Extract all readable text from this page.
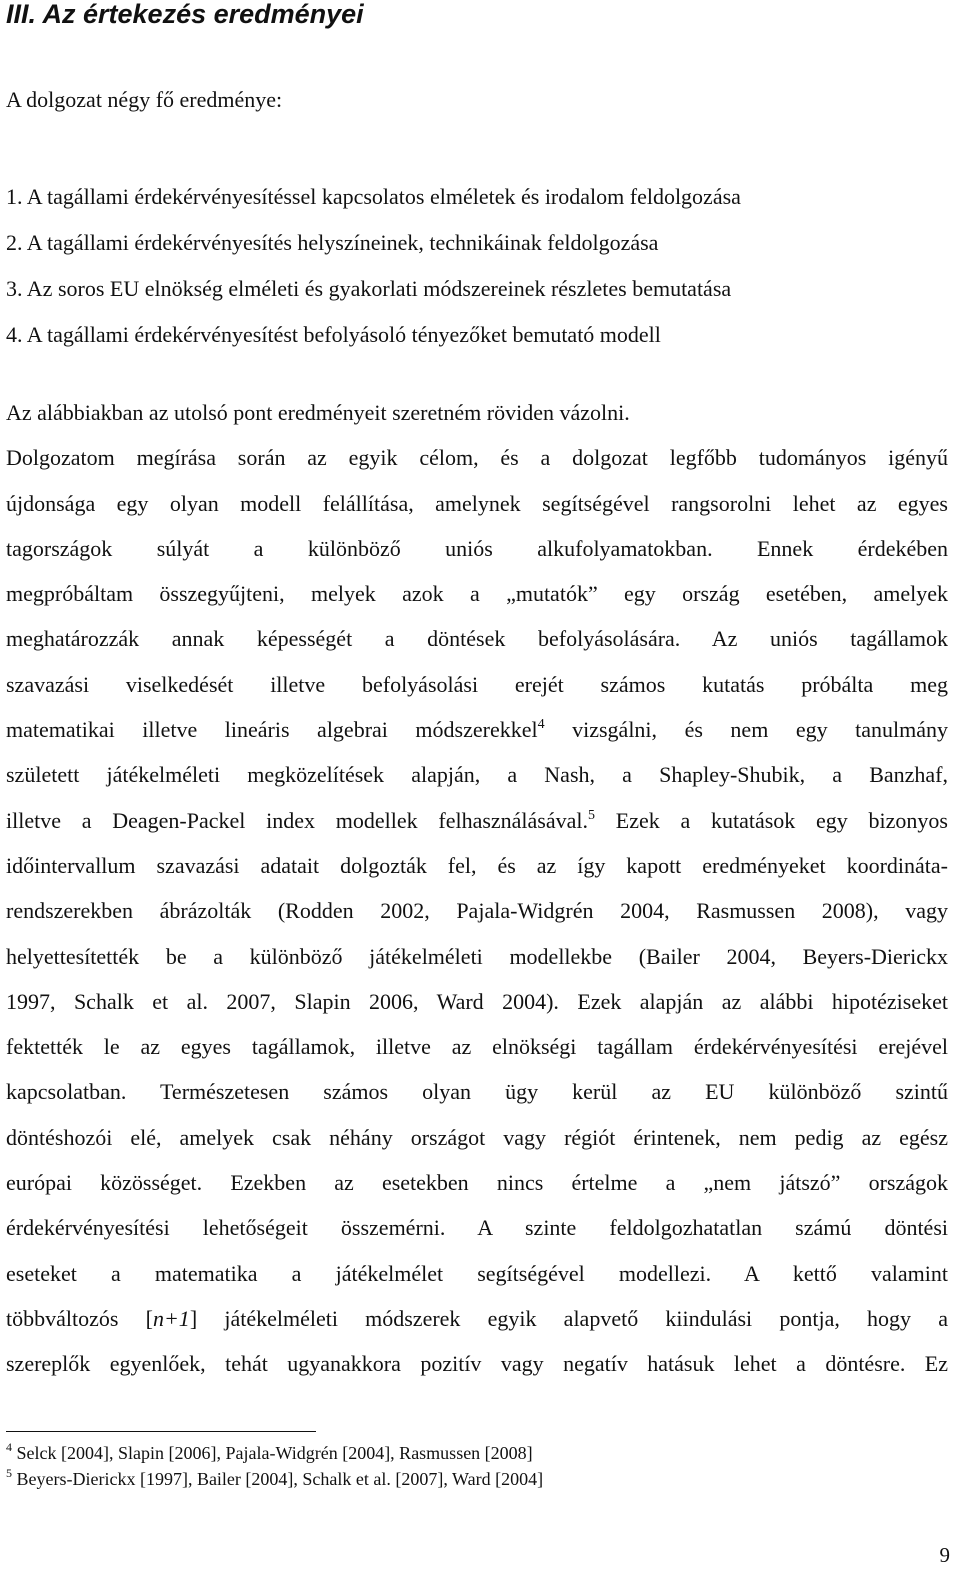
III. Az értekezés eredményei

A dolgozat négy fő eredménye:

1. A tagállami érdekérvényesítéssel kapcsolatos elméletek és irodalom feldolgozása
2. A tagállami érdekérvényesítés helyszíneinek, technikáinak feldolgozása
3. Az soros EU elnökség elméleti és gyakorlati módszereinek részletes bemutatása
4. A tagállami érdekérvényesítést befolyásoló tényezőket bemutató modell
Az alábbiakban az utolsó pont eredményeit szeretném röviden vázolni.
Dolgozatom megírása során az egyik célom, és a dolgozat legfőbb tudományos igényű
újdonsága egy olyan modell felállítása, amelynek segítségével rangsorolni lehet az egyes
tagországok súlyát a különböző uniós alkufolyamatokban. Ennek érdekében
megpróbáltam összegyűjteni, melyek azok a „mutatók” egy ország esetében, amelyek
meghatározzák annak képességét a döntések befolyásolására. Az uniós tagállamok
szavazási viselkedését illetve befolyásolási erejét számos kutatás próbálta meg
matematikai illetve lineáris algebrai módszerekkel$^4$ vizsgálni, és nem egy tanulmány
született játékelméleti megközelítések alapján, a Nash, a Shapley-Shubik, a Banzhaf,
illetve a Deagen-Packel index modellek felhasználásával.$^5$ Ezek a kutatások egy bizonyos
időintervallum szavazási adatait dolgozták fel, és az így kapott eredményeket koordináta-
rendszerekben ábrázolták (Rodden 2002, Pajala-Widgrén 2004, Rasmussen 2008), vagy
helyettesítették be a különböző játékelméleti modellekbe (Bailer 2004, Beyers-Dierickx
1997, Schalk et al. 2007, Slapin 2006, Ward 2004). Ezek alapján az alábbi hipotéziseket
fektették le az egyes tagállamok, illetve az elnökségi tagállam érdekérvényesítési erejével
kapcsolatban. Természetesen számos olyan ügy kerül az EU különböző szintű
döntéshozói elé, amelyek csak néhány országot vagy régiót érintenek, nem pedig az egész
európai közösséget. Ezekben az esetekben nincs értelme a „nem játszó” országok
érdekérvényesítési lehetőségeit összemérni. A szinte feldolgozhatatlan számú döntési
eseteket a matematika a játékelmélet segítségével modellezi. A kettő valamint
többváltozós [n+1] játékelméleti módszerek egyik alapvető kiindulási pontja, hogy a
szereplők egyenlőek, tehát ugyanakkora pozitív vagy negatív hatásuk lehet a döntésre. Ez
$^4$ Selck [2004], Slapin [2006], Pajala-Widgrén [2004], Rasmussen [2008]
$^5$ Beyers-Dierickx [1997], Bailer [2004], Schalk et al. [2007], Ward [2004]
9
